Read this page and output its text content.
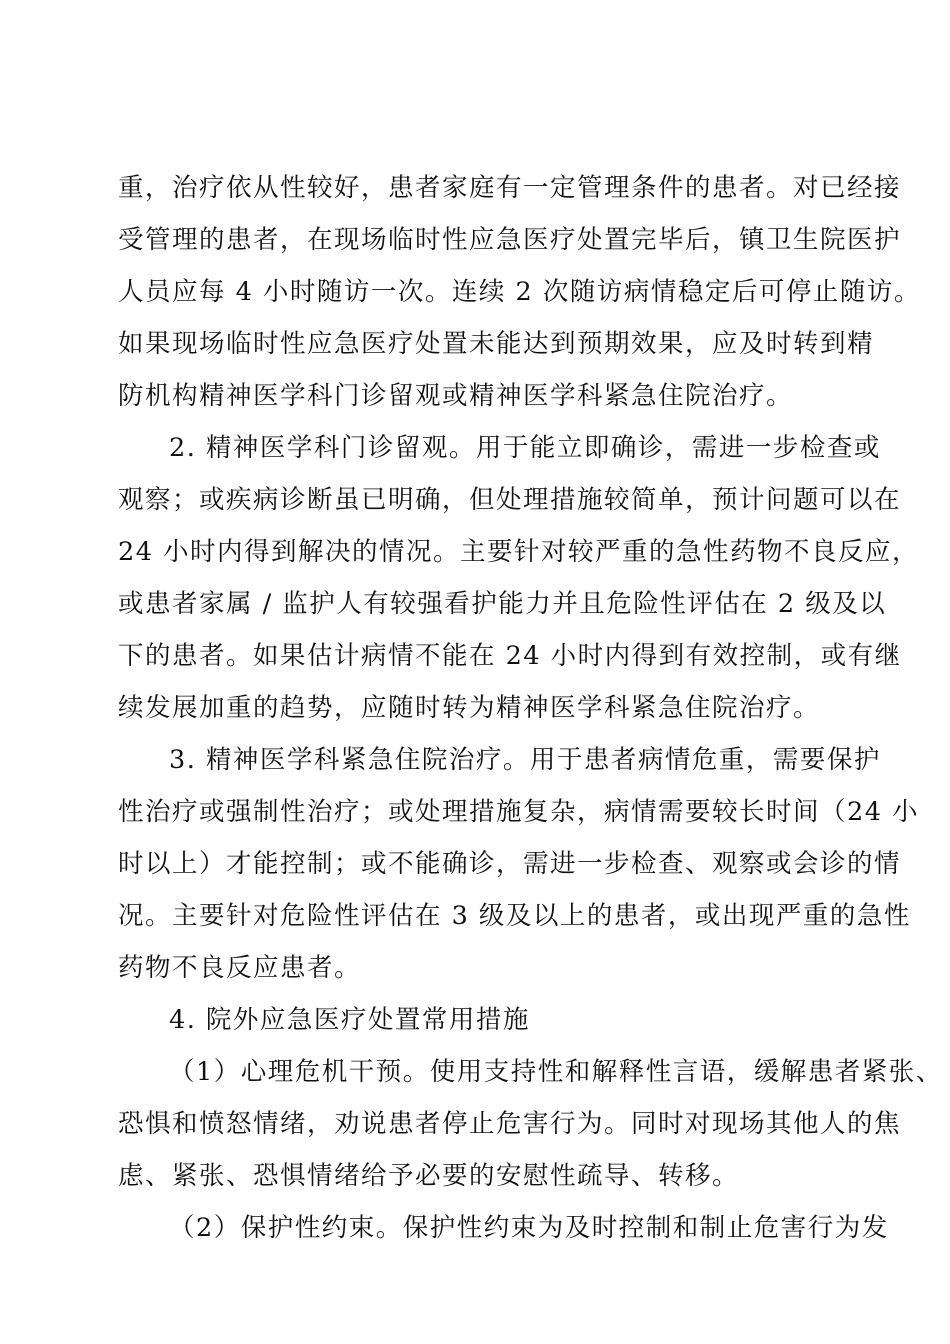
重，治疗依从性较好，患者家庭有一定管理条件的患者。对已经接
受管理的患者，在现场临时性应急医疗处置完毕后，镇卫生院医护
人员应每 4 小时随访一次。连续 2 次随访病情稳定后可停止随访。
如果现场临时性应急医疗处置未能达到预期效果，应及时转到精
防机构精神医学科门诊留观或精神医学科紧急住院治疗。

2. 精神医学科门诊留观。用于能立即确诊，需进一步检查或
观察；或疾病诊断虽已明确，但处理措施较简单，预计问题可以在
24 小时内得到解决的情况。主要针对较严重的急性药物不良反应，
或患者家属 / 监护人有较强看护能力并且危险性评估在 2 级及以
下的患者。如果估计病情不能在 24 小时内得到有效控制，或有继
续发展加重的趋势，应随时转为精神医学科紧急住院治疗。

3. 精神医学科紧急住院治疗。用于患者病情危重，需要保护
性治疗或强制性治疗；或处理措施复杂，病情需要较长时间（24 小
时以上）才能控制；或不能确诊，需进一步检查、观察或会诊的情
况。主要针对危险性评估在 3 级及以上的患者，或出现严重的急性
药物不良反应患者。

4. 院外应急医疗处置常用措施

（1）心理危机干预。使用支持性和解释性言语，缓解患者紧张、
恐惧和愤怒情绪，劝说患者停止危害行为。同时对现场其他人的焦
虑、紧张、恐惧情绪给予必要的安慰性疏导、转移。

（2）保护性约束。保护性约束为及时控制和制止危害行为发
